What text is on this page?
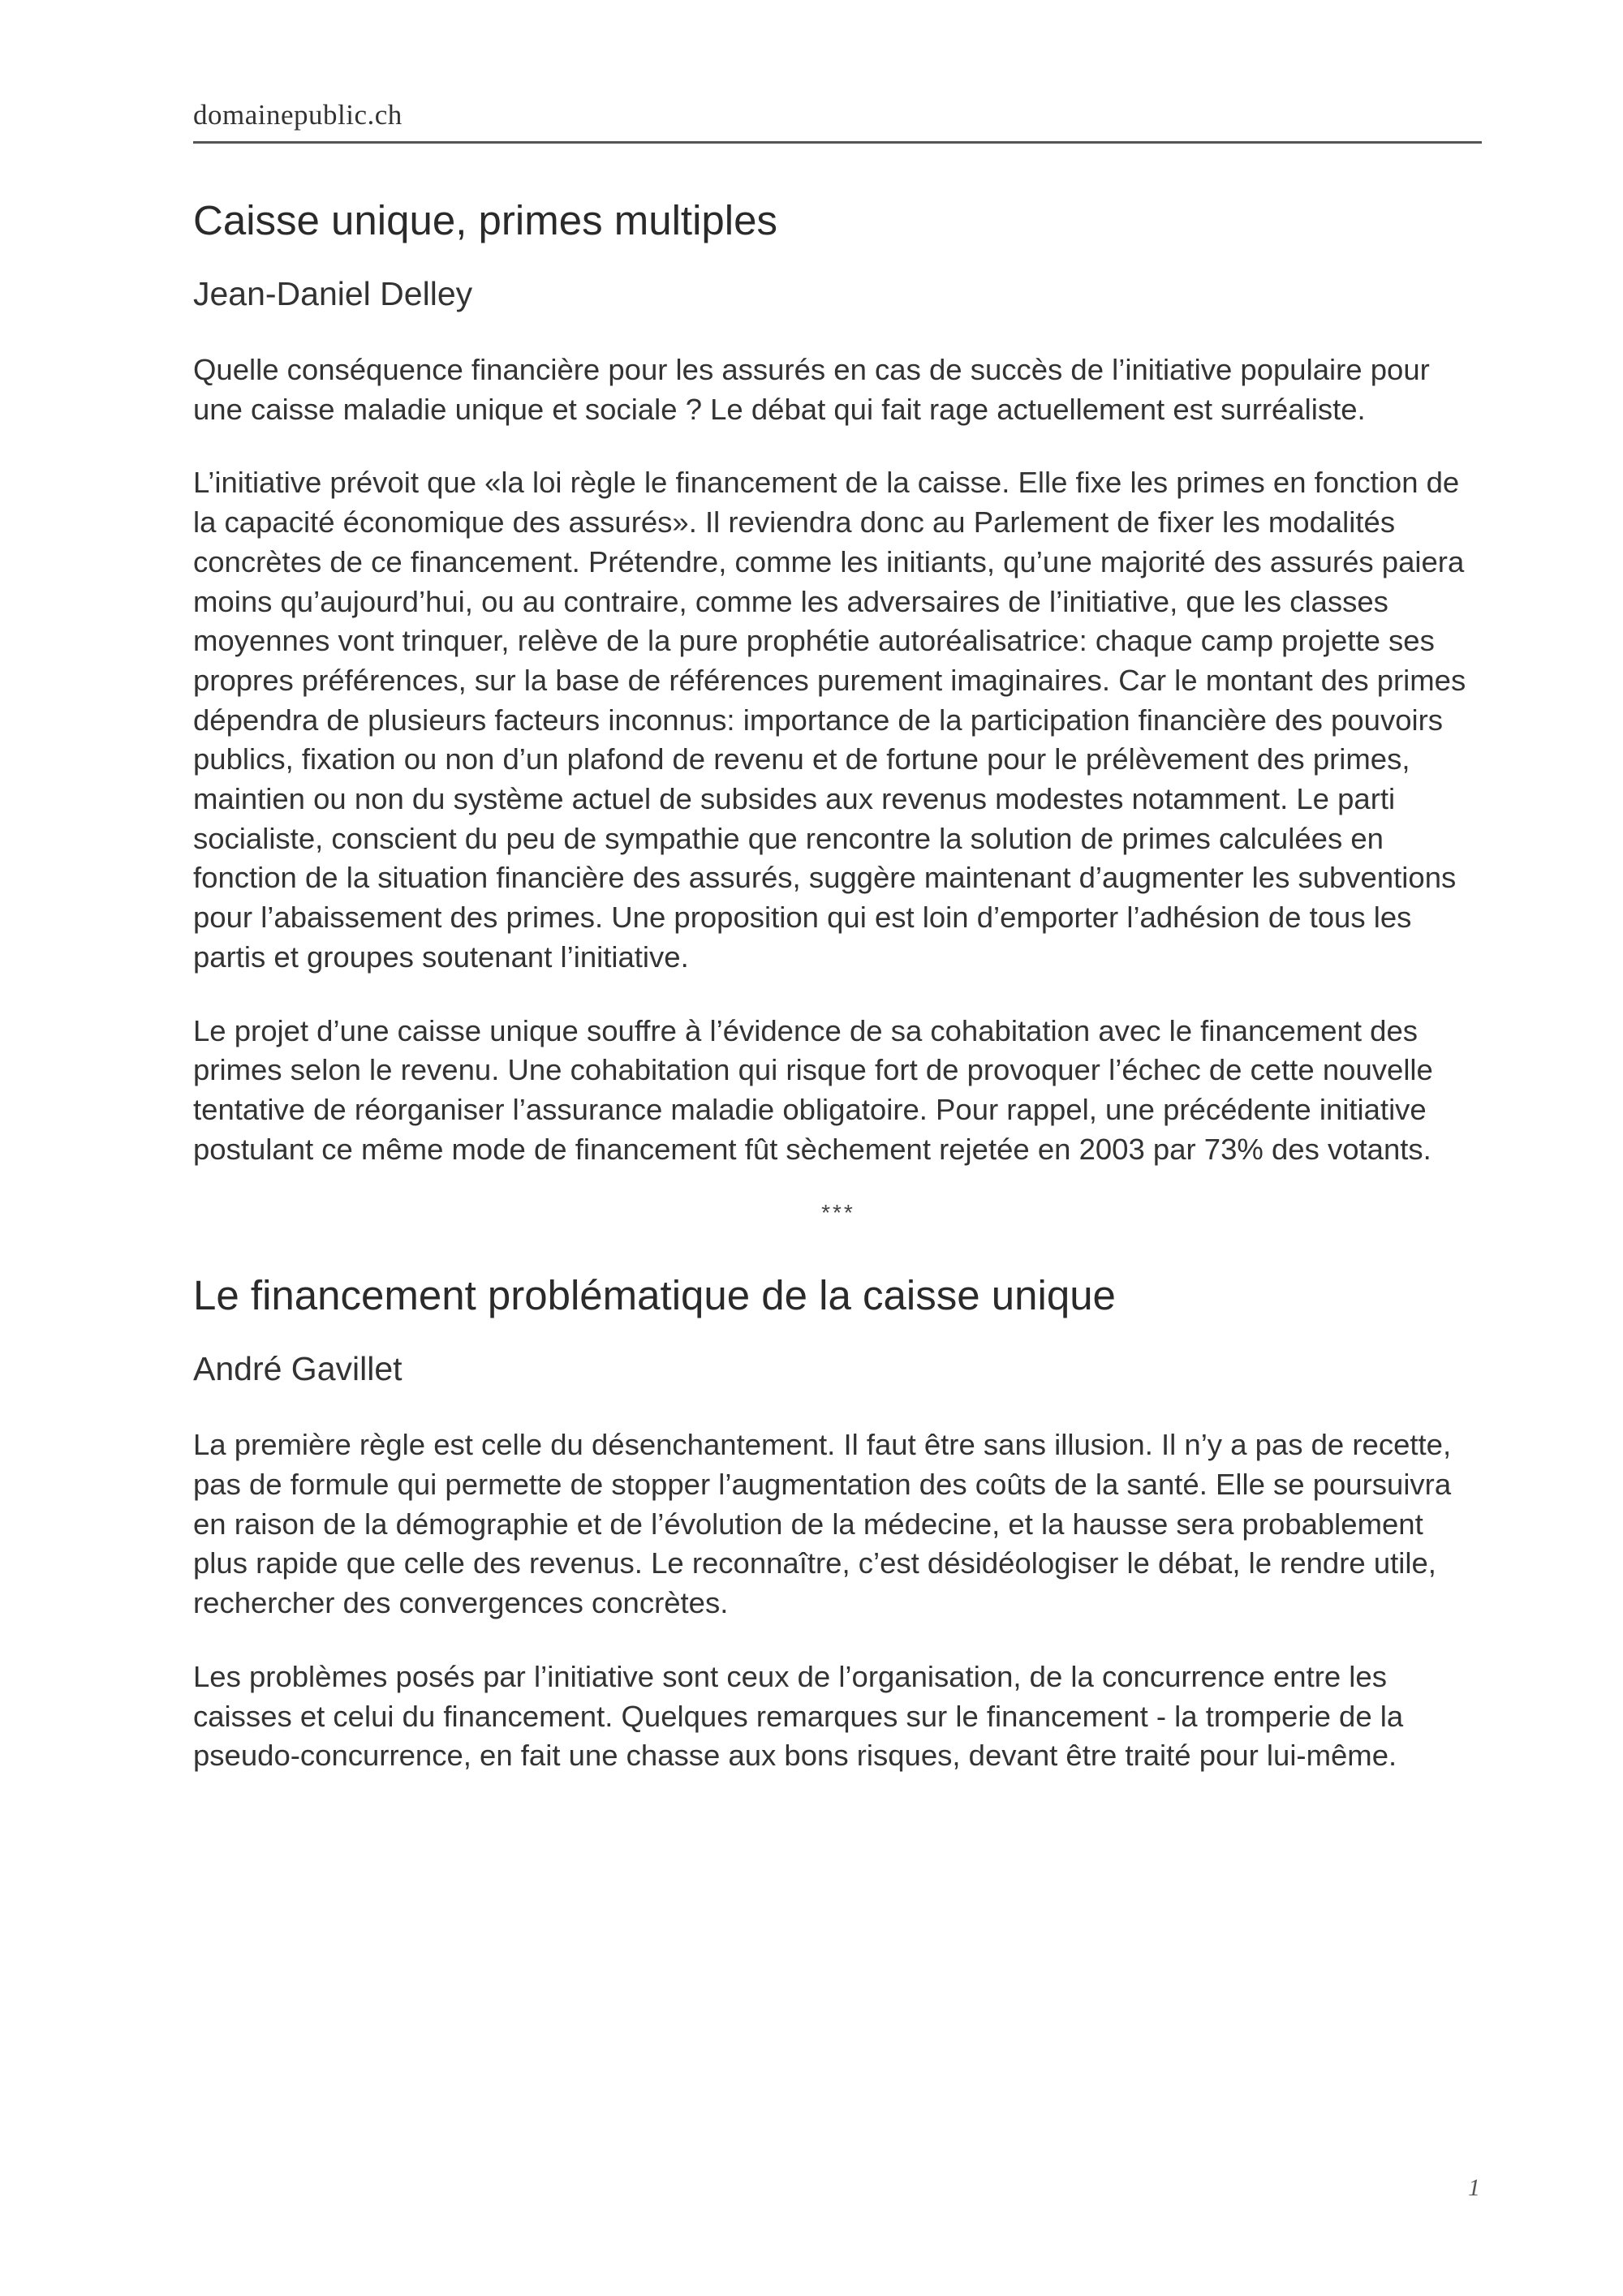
domainepublic.ch
Caisse unique, primes multiples
Jean-Daniel Delley

Quelle conséquence financière pour les assurés en cas de succès de l’initiative populaire pour une caisse maladie unique et sociale ? Le débat qui fait rage actuellement est surréaliste.

L’initiative prévoit que «la loi règle le financement de la caisse. Elle fixe les primes en fonction de la capacité économique des assurés». Il reviendra donc au Parlement de fixer les modalités concrètes de ce financement. Prétendre, comme les initiants, qu’une majorité des assurés paiera moins qu’aujourd’hui, ou au contraire, comme les adversaires de l’initiative, que les classes moyennes vont trinquer, relève de la pure prophétie autoréalisatrice: chaque camp projette ses propres préférences, sur la base de références purement imaginaires. Car le montant des primes dépendra de plusieurs facteurs inconnus: importance de la participation financière des pouvoirs publics, fixation ou non d’un plafond de revenu et de fortune pour le prélèvement des primes, maintien ou non du système actuel de subsides aux revenus modestes notamment. Le parti socialiste, conscient du peu de sympathie que rencontre la solution de primes calculées en fonction de la situation financière des assurés, suggère maintenant d’augmenter les subventions pour l’abaissement des primes. Une proposition qui est loin d’emporter l’adhésion de tous les partis et groupes soutenant l’initiative.

Le projet d’une caisse unique souffre à l’évidence de sa cohabitation avec le financement des primes selon le revenu. Une cohabitation qui risque fort de provoquer l’échec de cette nouvelle tentative de réorganiser l’assurance maladie obligatoire. Pour rappel, une précédente initiative postulant ce même mode de financement fût sèchement rejetée en 2003 par 73% des votants.

***
Le financement problématique de la caisse unique
André Gavillet

La première règle est celle du désenchantement. Il faut être sans illusion. Il n’y a pas de recette, pas de formule qui permette de stopper l’augmentation des coûts de la santé. Elle se poursuivra en raison de la démographie et de l’évolution de la médecine, et la hausse sera probablement plus rapide que celle des revenus. Le reconnaître, c’est désidéologiser le débat, le rendre utile, rechercher des convergences concrètes.

Les problèmes posés par l’initiative sont ceux de l’organisation, de la concurrence entre les caisses et celui du financement. Quelques remarques sur le financement - la tromperie de la pseudo-concurrence, en fait une chasse aux bons risques, devant être traité pour lui-même.

1
